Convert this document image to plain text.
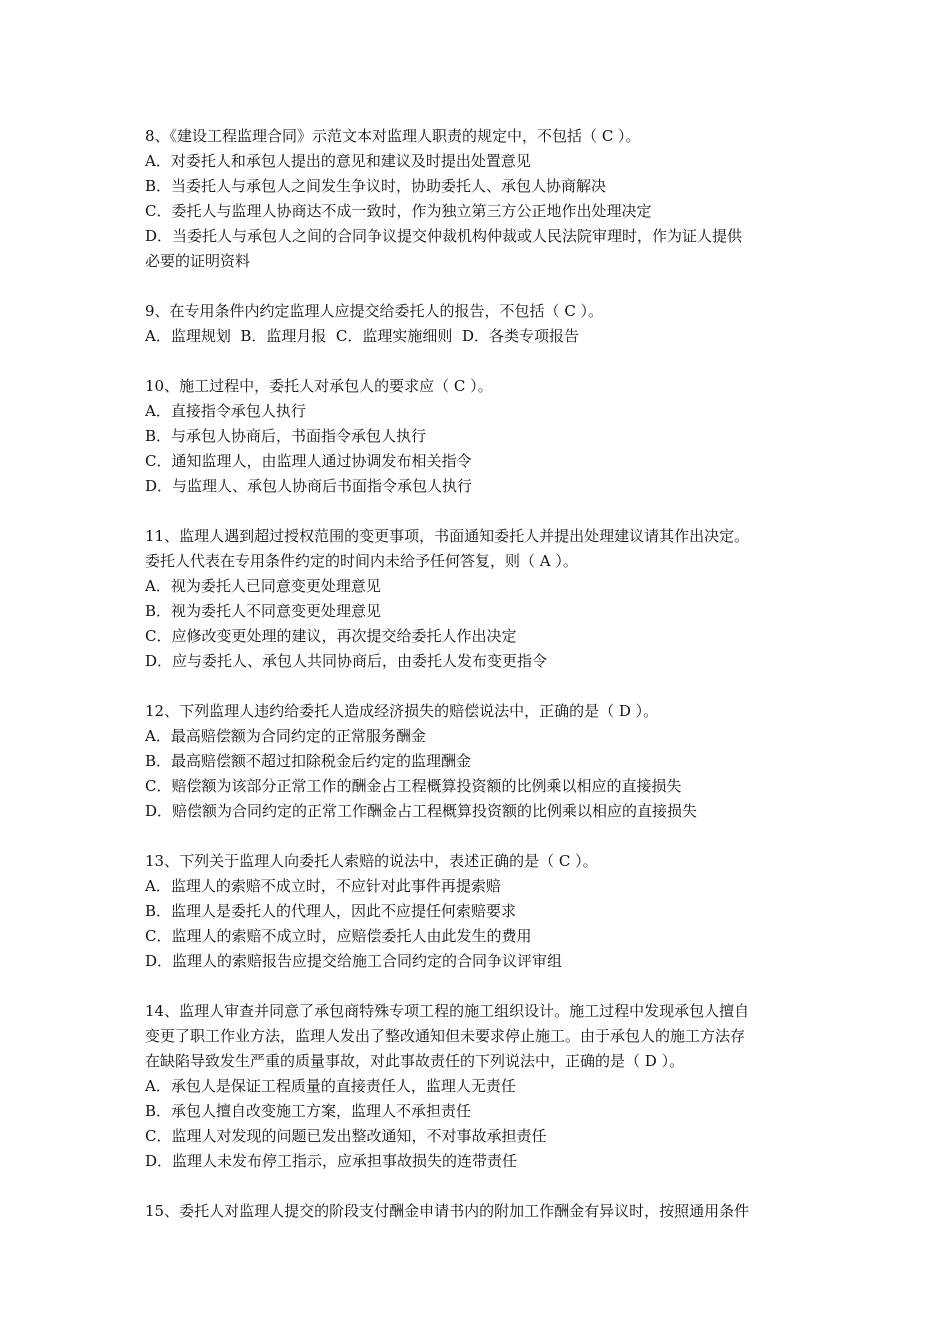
8、《建设工程监理合同》示范文本对监理人职责的规定中，不包括（ C ）。

A．对委托人和承包人提出的意见和建议及时提出处置意见

B．当委托人与承包人之间发生争议时，协助委托人、承包人协商解决

C．委托人与监理人协商达不成一致时，作为独立第三方公正地作出处理决定

D．当委托人与承包人之间的合同争议提交仲裁机构仲裁或人民法院审理时，作为证人提供

必要的证明资料

9、在专用条件内约定监理人应提交给委托人的报告，不包括（ C ）。

A．监理规划  B．监理月报  C．监理实施细则  D．各类专项报告

10、施工过程中，委托人对承包人的要求应（ C ）。

A．直接指令承包人执行

B．与承包人协商后，书面指令承包人执行

C．通知监理人，由监理人通过协调发布相关指令

D．与监理人、承包人协商后书面指令承包人执行

11、监理人遇到超过授权范围的变更事项，书面通知委托人并提出处理建议请其作出决定。

委托人代表在专用条件约定的时间内未给予任何答复，则（ A ）。

A．视为委托人已同意变更处理意见

B．视为委托人不同意变更处理意见

C．应修改变更处理的建议，再次提交给委托人作出决定

D．应与委托人、承包人共同协商后，由委托人发布变更指令

12、下列监理人违约给委托人造成经济损失的赔偿说法中，正确的是（ D ）。

A．最高赔偿额为合同约定的正常服务酬金

B．最高赔偿额不超过扣除税金后约定的监理酬金

C．赔偿额为该部分正常工作的酬金占工程概算投资额的比例乘以相应的直接损失

D．赔偿额为合同约定的正常工作酬金占工程概算投资额的比例乘以相应的直接损失

13、下列关于监理人向委托人索赔的说法中，表述正确的是（ C ）。

A．监理人的索赔不成立时，不应针对此事件再提索赔

B．监理人是委托人的代理人，因此不应提任何索赔要求

C．监理人的索赔不成立时，应赔偿委托人由此发生的费用

D．监理人的索赔报告应提交给施工合同约定的合同争议评审组

14、监理人审查并同意了承包商特殊专项工程的施工组织设计。施工过程中发现承包人擅自

变更了职工作业方法，监理人发出了整改通知但未要求停止施工。由于承包人的施工方法存

在缺陷导致发生严重的质量事故，对此事故责任的下列说法中，正确的是（ D ）。

A．承包人是保证工程质量的直接责任人，监理人无责任

B．承包人擅自改变施工方案，监理人不承担责任

C．监理人对发现的问题已发出整改通知，不对事故承担责任

D．监理人未发布停工指示，应承担事故损失的连带责任

15、委托人对监理人提交的阶段支付酬金申请书内的附加工作酬金有异议时，按照通用条件
